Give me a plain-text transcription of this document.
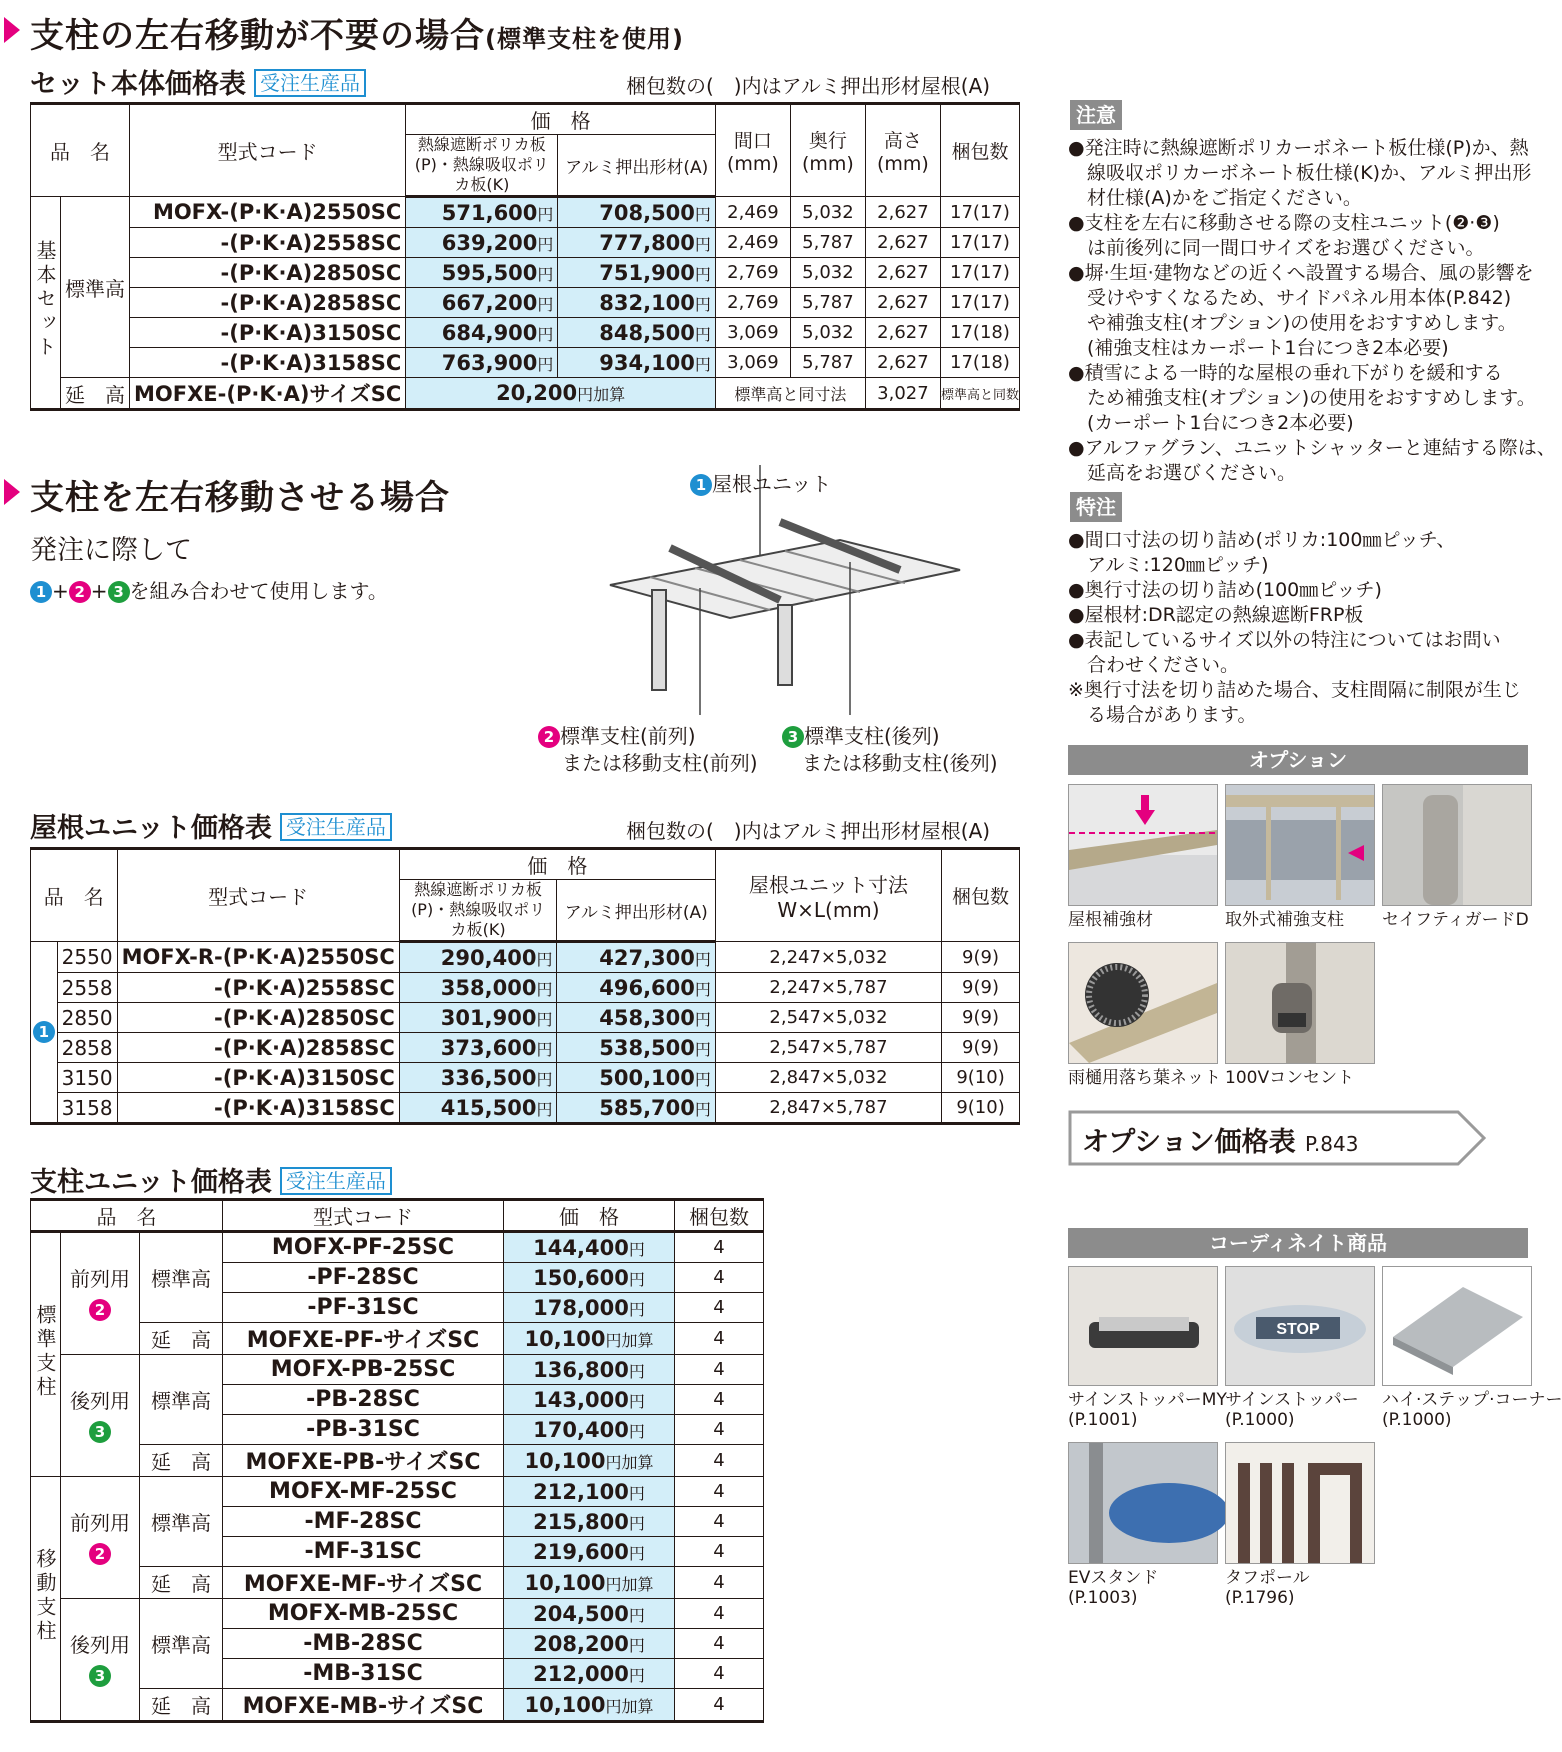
支柱の左右移動が不要の場合(標準支柱を使用)
セット本体価格表 受注生産品	梱包数の(　)内はアルミ押出形材屋根(A)
品　名		型式コード	価　格		間口(mm)	奥行(mm)	高さ(mm)	梱包数
			熱線遮断ポリカ板(P)・熱線吸収ポリカ板(K)	アルミ押出形材(A)				
基本セット	標準高	MOFX-(P·K·A)2550SC	571,600円	708,500円	2,469	5,032	2,627	17(17)
		-(P·K·A)2558SC	639,200円	777,800円	2,469	5,787	2,627	17(17)
		-(P·K·A)2850SC	595,500円	751,900円	2,769	5,032	2,627	17(17)
		-(P·K·A)2858SC	667,200円	832,100円	2,769	5,787	2,627	17(17)
		-(P·K·A)3150SC	684,900円	848,500円	3,069	5,032	2,627	17(18)
		-(P·K·A)3158SC	763,900円	934,100円	3,069	5,787	2,627	17(18)
	延　高	MOFXE-(P·K·A)サイズSC	20,200円加算		標準高と同寸法		3,027	標準高と同数
支柱を左右移動させる場合
発注に際して
1 + 2 + 3 を組み合わせて使用します。
1 屋根ユニット
2 標準支柱(前列)
または移動支柱(前列)
3 標準支柱(後列)
または移動支柱(後列)
屋根ユニット価格表 受注生産品	梱包数の(　)内はアルミ押出形材屋根(A)
品　名		型式コード	価　格		屋根ユニット寸法 W×L(mm)	梱包数
			熱線遮断ポリカ板(P)・熱線吸収ポリカ板(K)	アルミ押出形材(A)		
1	2550	MOFX-R-(P·K·A)2550SC	290,400円	427,300円	2,247×5,032	9(9)
	2558	-(P·K·A)2558SC	358,000円	496,600円	2,247×5,787	9(9)
	2850	-(P·K·A)2850SC	301,900円	458,300円	2,547×5,032	9(9)
	2858	-(P·K·A)2858SC	373,600円	538,500円	2,547×5,787	9(9)
	3150	-(P·K·A)3150SC	336,500円	500,100円	2,847×5,032	9(10)
	3158	-(P·K·A)3158SC	415,500円	585,700円	2,847×5,787	9(10)
支柱ユニット価格表 受注生産品
品　名			型式コード	価　格	梱包数
標準支柱	前列用
2	標準高	MOFX-PF-25SC	144,400円	4
			-PF-28SC	150,600円	4
			-PF-31SC	178,000円	4
		延　高	MOFXE-PF-サイズSC	10,100円加算	4
	後列用
3	標準高	MOFX-PB-25SC	136,800円	4
			-PB-28SC	143,000円	4
			-PB-31SC	170,400円	4
		延　高	MOFXE-PB-サイズSC	10,100円加算	4
移動支柱	前列用
2	標準高	MOFX-MF-25SC	212,100円	4
			-MF-28SC	215,800円	4
			-MF-31SC	219,600円	4
		延　高	MOFXE-MF-サイズSC	10,100円加算	4
	後列用
3	標準高	MOFX-MB-25SC	204,500円	4
			-MB-28SC	208,200円	4
			-MB-31SC	212,000円	4
		延　高	MOFXE-MB-サイズSC	10,100円加算	4
注意
●発注時に熱線遮断ポリカーボネート板仕様(P)か、熱
　線吸収ポリカーボネート板仕様(K)か、アルミ押出形
　材仕様(A)かをご指定ください。
●支柱を左右に移動させる際の支柱ユニット(❷·❸)
　は前後列に同一間口サイズをお選びください。
●塀·生垣·建物などの近くへ設置する場合、風の影響を
　受けやすくなるため、サイドパネル用本体(P.842)
　や補強支柱(オプション)の使用をおすすめします。
　(補強支柱はカーポート1台につき2本必要)
●積雪による一時的な屋根の垂れ下がりを緩和する
　ため補強支柱(オプション)の使用をおすすめします。
　(カーポート1台につき2本必要)
●アルファグラン、ユニットシャッターと連結する際は、
　延高をお選びください。
特注
●間口寸法の切り詰め(ポリカ:100㎜ピッチ、
　アルミ:120㎜ピッチ)
●奥行寸法の切り詰め(100㎜ピッチ)
●屋根材:DR認定の熱線遮断FRP板
●表記しているサイズ以外の特注についてはお問い
　合わせください。
※奥行寸法を切り詰めた場合、支柱間隔に制限が生じ
　る場合があります。
オプション
屋根補強材	取外式補強支柱 セイフティガードD
雨樋用落ち葉ネット 100Vコンセント
オプション価格表 P.843
コーディネイト商品
STOP
サインストッパーMY
(P.1001)
サインストッパー
(P.1000)
ハイ·ステップ·コーナー
(P.1000)
EVスタンド
(P.1003)
タフポール
(P.1796)
